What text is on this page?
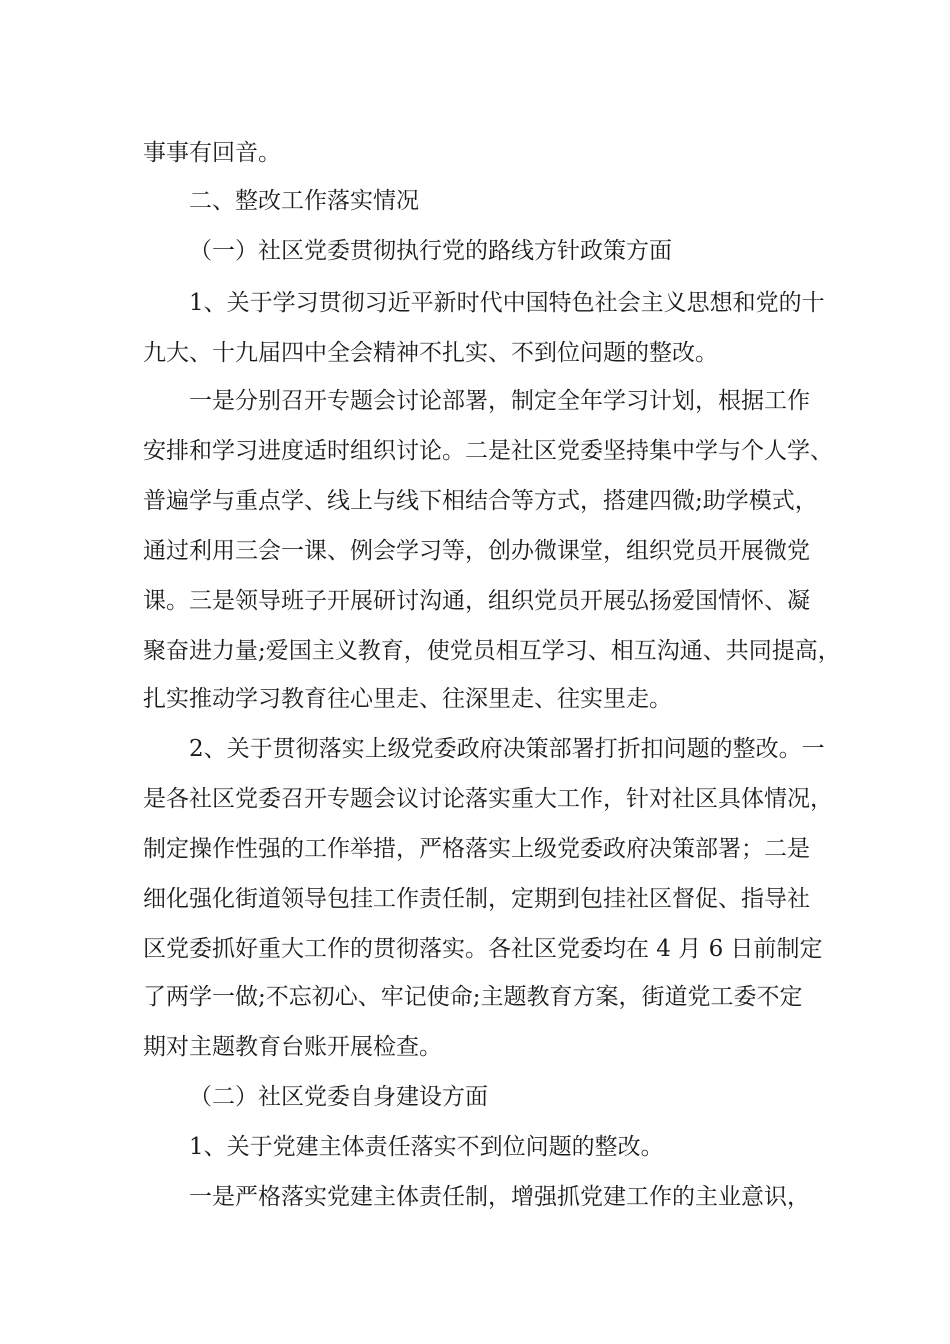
事事有回音。
二、整改工作落实情况
（一）社区党委贯彻执行党的路线方针政策方面
1、关于学习贯彻习近平新时代中国特色社会主义思想和党的十
九大、十九届四中全会精神不扎实、不到位问题的整改。
一是分别召开专题会讨论部署，制定全年学习计划，根据工作
安排和学习进度适时组织讨论。二是社区党委坚持集中学与个人学、
普遍学与重点学、线上与线下相结合等方式，搭建四微;助学模式，
通过利用三会一课、例会学习等，创办微课堂，组织党员开展微党
课。三是领导班子开展研讨沟通，组织党员开展弘扬爱国情怀、凝
聚奋进力量;爱国主义教育，使党员相互学习、相互沟通、共同提高，
扎实推动学习教育往心里走、往深里走、往实里走。
2、关于贯彻落实上级党委政府决策部署打折扣问题的整改。一
是各社区党委召开专题会议讨论落实重大工作，针对社区具体情况，
制定操作性强的工作举措，严格落实上级党委政府决策部署；二是
细化强化街道领导包挂工作责任制，定期到包挂社区督促、指导社
区党委抓好重大工作的贯彻落实。各社区党委均在 4 月 6 日前制定
了两学一做;不忘初心、牢记使命;主题教育方案，街道党工委不定
期对主题教育台账开展检查。
（二）社区党委自身建设方面
1、关于党建主体责任落实不到位问题的整改。
一是严格落实党建主体责任制，增强抓党建工作的主业意识，
